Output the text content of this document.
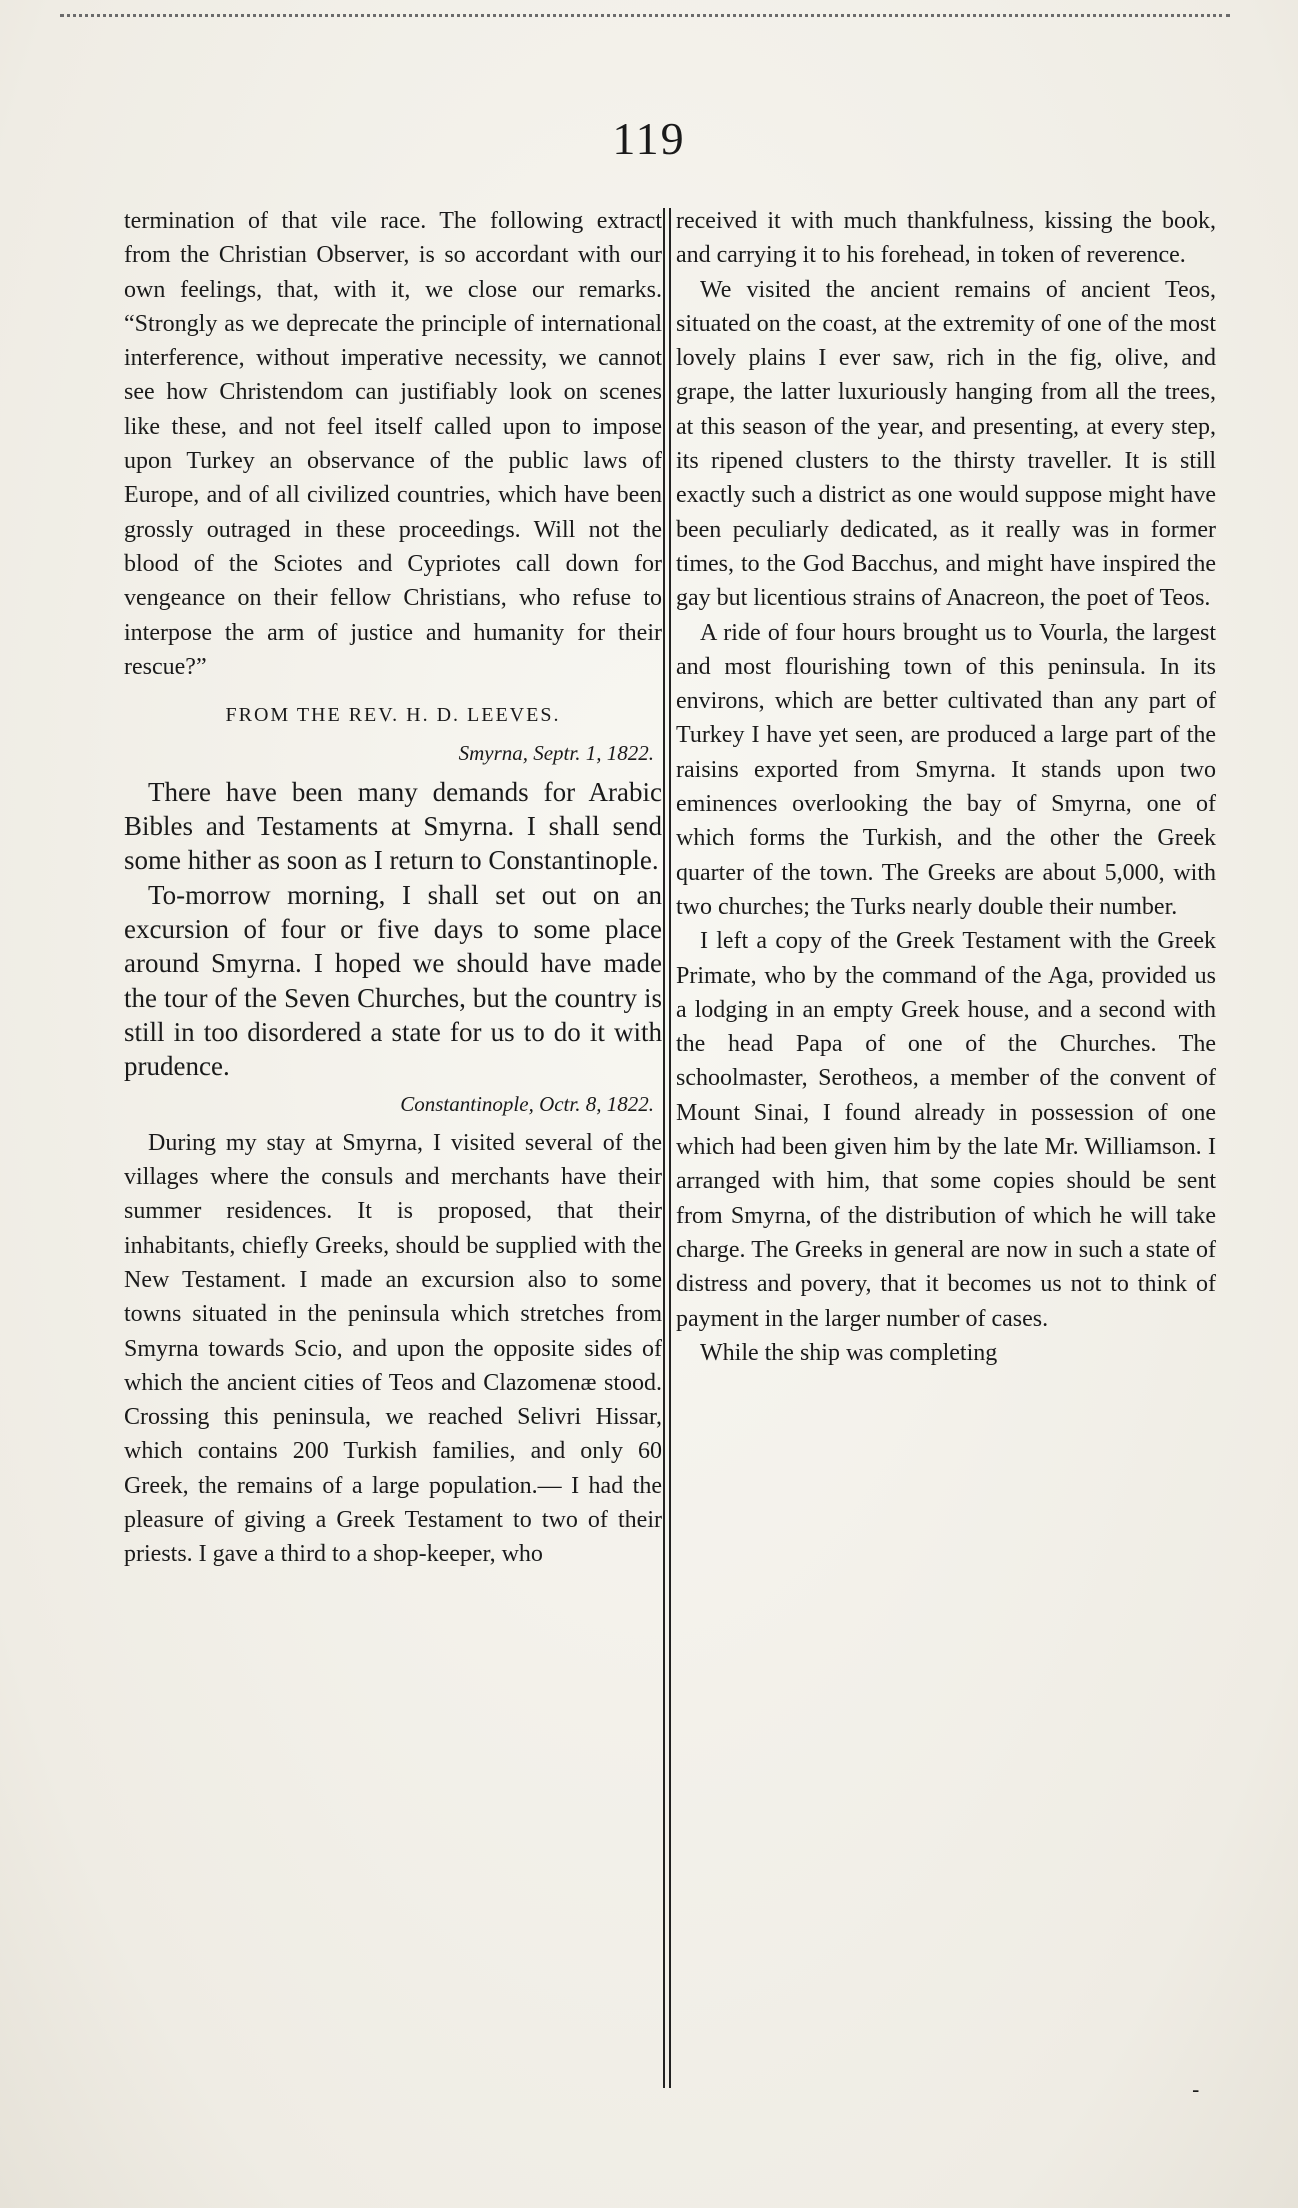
119

termination of that vile race. The following extract from the Christian Observer, is so accordant with our own feelings, that, with it, we close our remarks. “Strongly as we deprecate the principle of international interference, without imperative necessity, we cannot see how Christendom can justifiably look on scenes like these, and not feel itself called upon to impose upon Turkey an observance of the public laws of Europe, and of all civilized countries, which have been grossly outraged in these proceedings. Will not the blood of the Sciotes and Cypriotes call down for vengeance on their fellow Christians, who refuse to interpose the arm of justice and humanity for their rescue?”

FROM THE REV. H. D. LEEVES.
Smyrna, Septr. 1, 1822.

There have been many demands for Arabic Bibles and Testaments at Smyrna. I shall send some hither as soon as I return to Constantinople.

To-morrow morning, I shall set out on an excursion of four or five days to some place around Smyrna. I hoped we should have made the tour of the Seven Churches, but the country is still in too disordered a state for us to do it with prudence.

Constantinople, Octr. 8, 1822.

During my stay at Smyrna, I visited several of the villages where the consuls and merchants have their summer residences. It is proposed, that their inhabitants, chiefly Greeks, should be supplied with the New Testament. I made an excursion also to some towns situated in the peninsula which stretches from Smyrna towards Scio, and upon the opposite sides of which the ancient cities of Teos and Clazomenæ stood. Crossing this peninsula, we reached Selivri Hissar, which contains 200 Turkish families, and only 60 Greek, the remains of a large population.— I had the pleasure of giving a Greek Testament to two of their priests. I gave a third to a shop-keeper, who

received it with much thankfulness, kissing the book, and carrying it to his forehead, in token of reverence.

We visited the ancient remains of ancient Teos, situated on the coast, at the extremity of one of the most lovely plains I ever saw, rich in the fig, olive, and grape, the latter luxuriously hanging from all the trees, at this season of the year, and presenting, at every step, its ripened clusters to the thirsty traveller. It is still exactly such a district as one would suppose might have been peculiarly dedicated, as it really was in former times, to the God Bacchus, and might have inspired the gay but licentious strains of Anacreon, the poet of Teos.

A ride of four hours brought us to Vourla, the largest and most flourishing town of this peninsula. In its environs, which are better cultivated than any part of Turkey I have yet seen, are produced a large part of the raisins exported from Smyrna. It stands upon two eminences overlooking the bay of Smyrna, one of which forms the Turkish, and the other the Greek quarter of the town. The Greeks are about 5,000, with two churches; the Turks nearly double their number.

I left a copy of the Greek Testament with the Greek Primate, who by the command of the Aga, provided us a lodging in an empty Greek house, and a second with the head Papa of one of the Churches. The schoolmaster, Serotheos, a member of the convent of Mount Sinai, I found already in possession of one which had been given him by the late Mr. Williamson. I arranged with him, that some copies should be sent from Smyrna, of the distribution of which he will take charge. The Greeks in general are now in such a state of distress and povery, that it becomes us not to think of payment in the larger number of cases.

While the ship was completing

-
